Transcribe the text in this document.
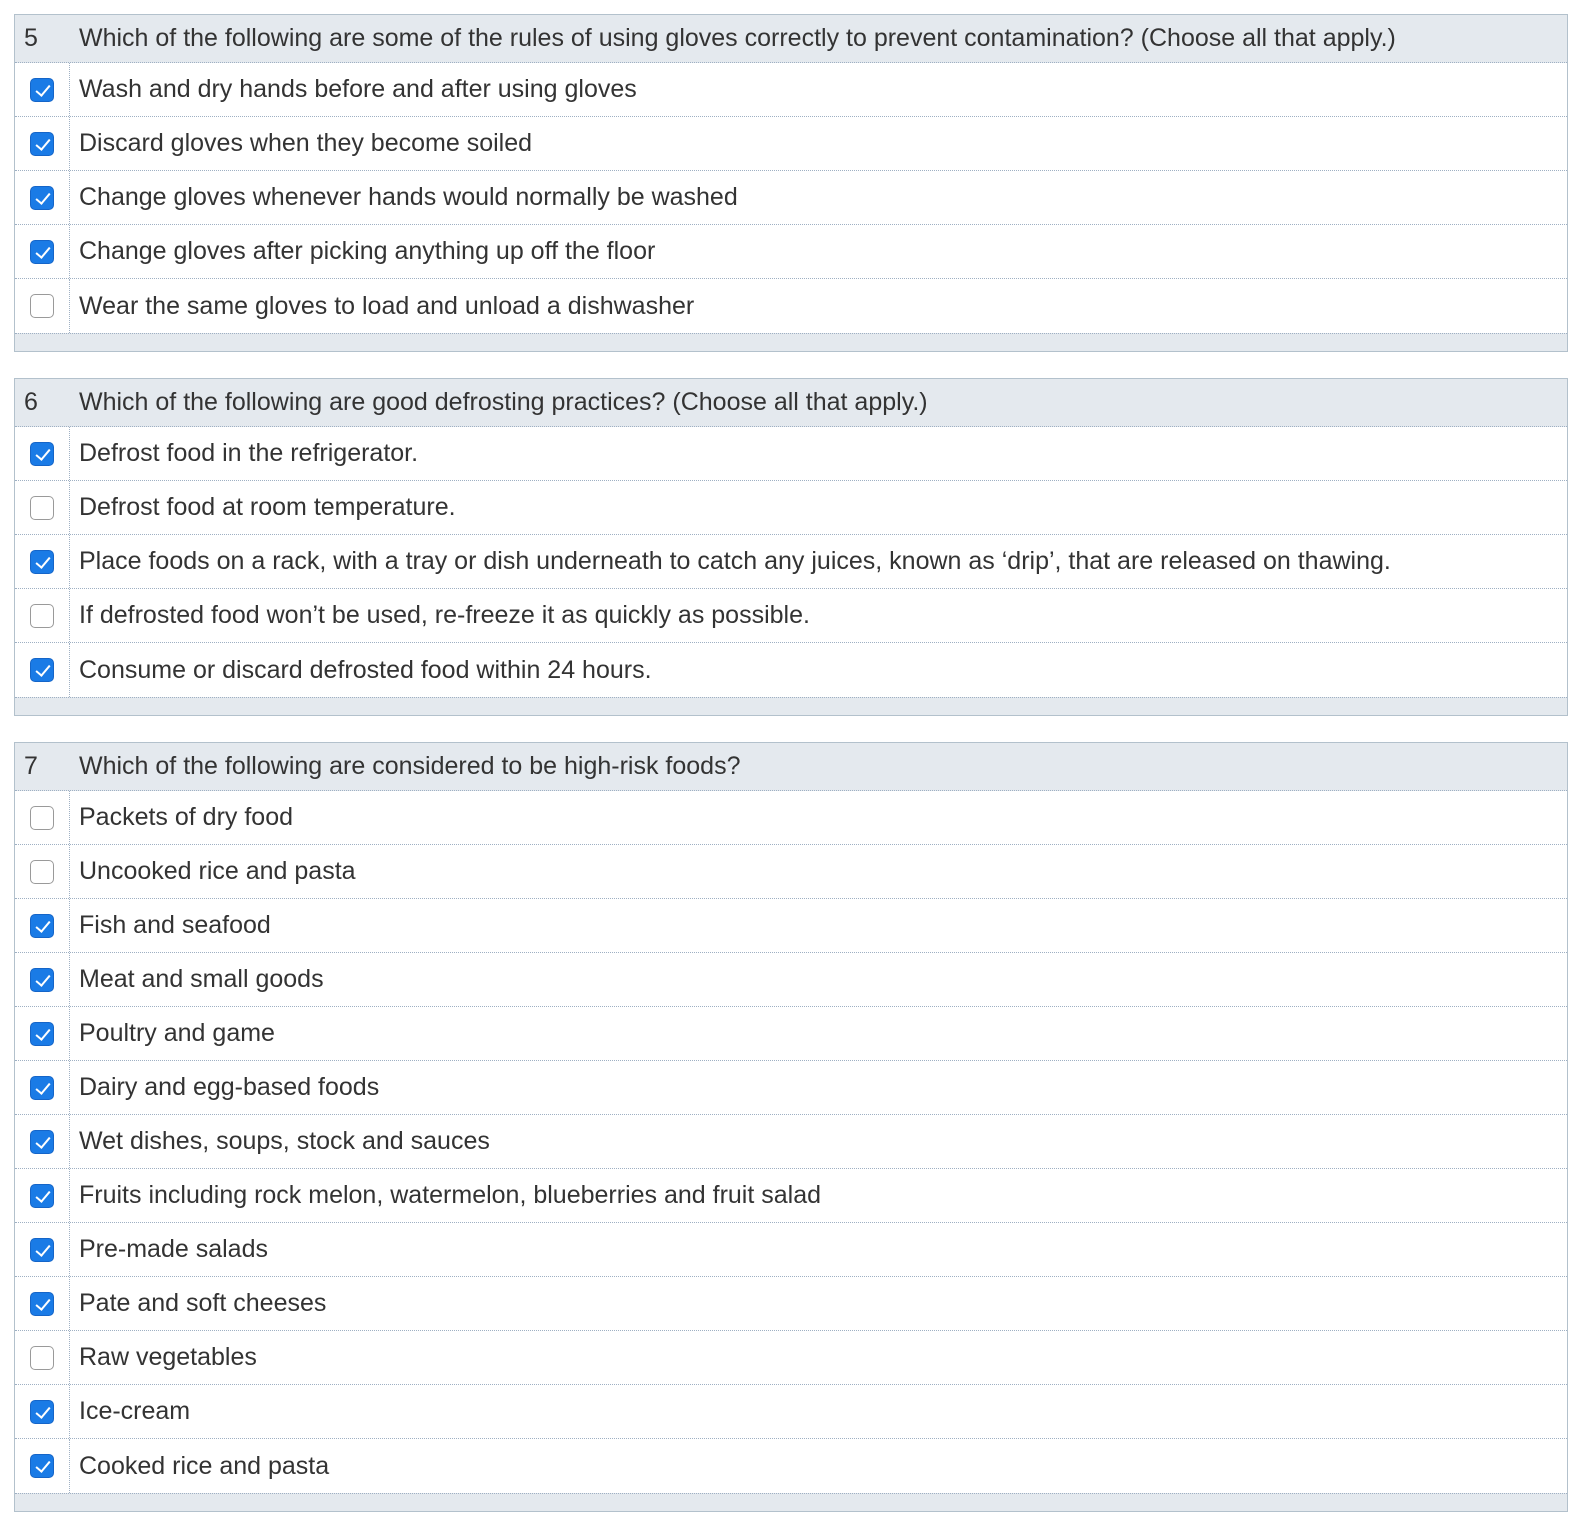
5	Which of the following are some of the rules of using gloves correctly to prevent contamination? (Choose all that apply.)
Wash and dry hands before and after using gloves
Discard gloves when they become soiled
Change gloves whenever hands would normally be washed
Change gloves after picking anything up off the floor
Wear the same gloves to load and unload a dishwasher
6	Which of the following are good defrosting practices? (Choose all that apply.)
Defrost food in the refrigerator.
Defrost food at room temperature.
Place foods on a rack, with a tray or dish underneath to catch any juices, known as ‘drip’, that are released on thawing.
If defrosted food won’t be used, re-freeze it as quickly as possible.
Consume or discard defrosted food within 24 hours.
7	Which of the following are considered to be high-risk foods?
Packets of dry food
Uncooked rice and pasta
Fish and seafood
Meat and small goods
Poultry and game
Dairy and egg-based foods
Wet dishes, soups, stock and sauces
Fruits including rock melon, watermelon, blueberries and fruit salad
Pre-made salads
Pate and soft cheeses
Raw vegetables
Ice-cream
Cooked rice and pasta
